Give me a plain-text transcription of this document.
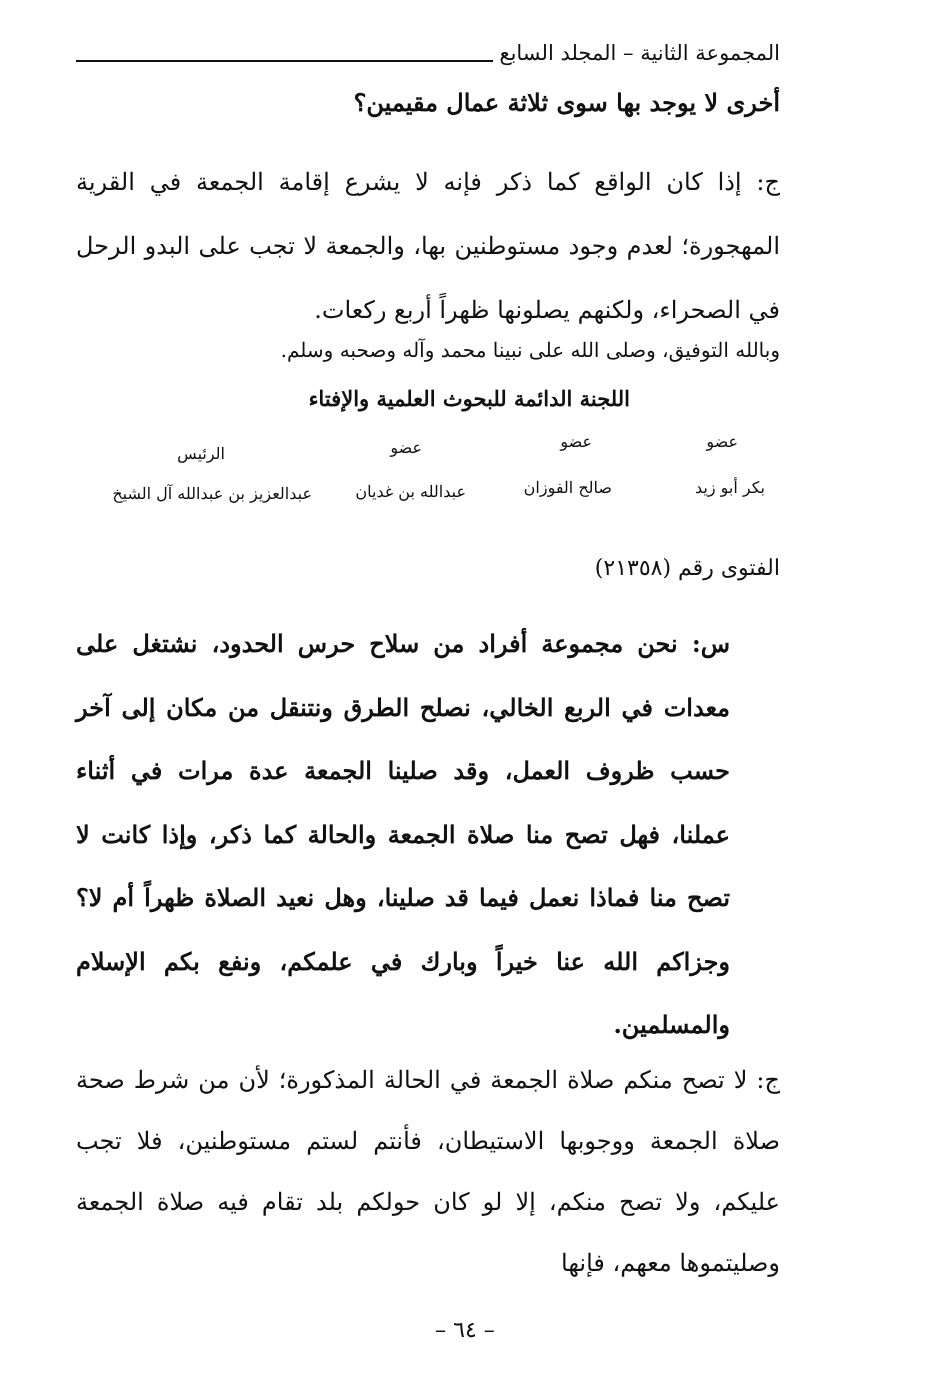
المجموعة الثانية – المجلد السابع
أخرى لا يوجد بها سوى ثلاثة عمال مقيمين؟
ج: إذا كان الواقع كما ذكر فإنه لا يشرع إقامة الجمعة في القرية المهجورة؛ لعدم وجود مستوطنين بها، والجمعة لا تجب على البدو الرحل في الصحراء، ولكنهم يصلونها ظهراً أربع ركعات.
وبالله التوفيق، وصلى الله على نبينا محمد وآله وصحبه وسلم.
اللجنة الدائمة للبحوث العلمية والإفتاء
عضو
عضو
عضو
الرئيس
بكر أبو زيد
صالح الفوزان
عبدالله بن غديان
عبدالعزيز بن عبدالله آل الشيخ
الفتوى رقم (٢١٣٥٨)
س: نحن مجموعة أفراد من سلاح حرس الحدود، نشتغل على معدات في الربع الخالي، نصلح الطرق ونتنقل من مكان إلى آخر حسب ظروف العمل، وقد صلينا الجمعة عدة مرات في أثناء عملنا، فهل تصح منا صلاة الجمعة والحالة كما ذكر، وإذا كانت لا تصح منا فماذا نعمل فيما قد صلينا، وهل نعيد الصلاة ظهراً أم لا؟ وجزاكم الله عنا خيراً وبارك في علمكم، ونفع بكم الإسلام والمسلمين.
ج: لا تصح منكم صلاة الجمعة في الحالة المذكورة؛ لأن من شرط صحة صلاة الجمعة ووجوبها الاستيطان، فأنتم لستم مستوطنين، فلا تجب عليكم، ولا تصح منكم، إلا لو كان حولكم بلد تقام فيه صلاة الجمعة وصليتموها معهم، فإنها
– ٦٤ –
